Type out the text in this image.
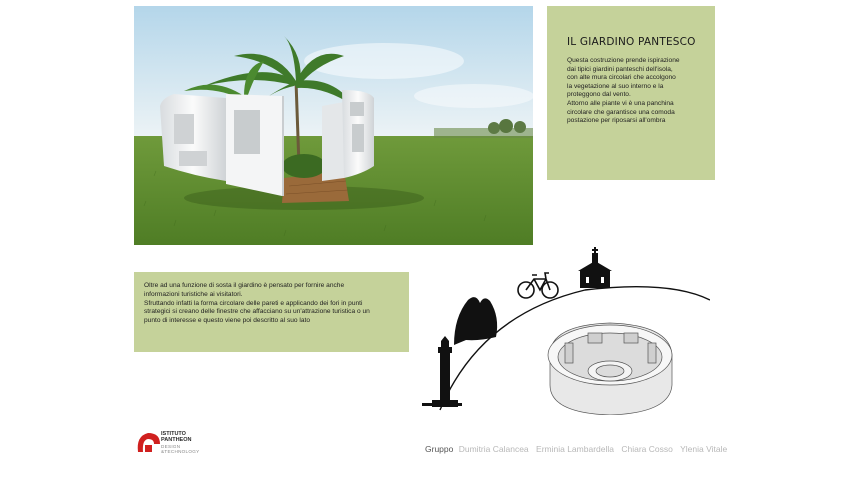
IL GIARDINO PANTESCO

Questa costruzione prende ispirazione
dai tipici giardini panteschi dell'isola,
con alte mura circolari che accolgono
la vegetazione al suo interno e la
proteggono dal vento.
Attorno alle piante vi è una panchina
circolare che garantisce una comoda
postazione per riposarsi all'ombra

Oltre ad una funzione di sosta il giardino è pensato per fornire anche
informazioni turistiche ai visitatori.
Sfruttando infatti la forma circolare delle pareti e applicando dei fori in punti
strategici si creano delle finestre che affacciano su un'attrazione turistica o un
punto di interesse e questo viene poi descritto al suo lato

ISTITUTO
PANTHEON
DESIGN
&TECHNOLOGY	Gruppo Dumitria Calancea Erminia Lambardella Chiara Cosso Ylenia Vitale
